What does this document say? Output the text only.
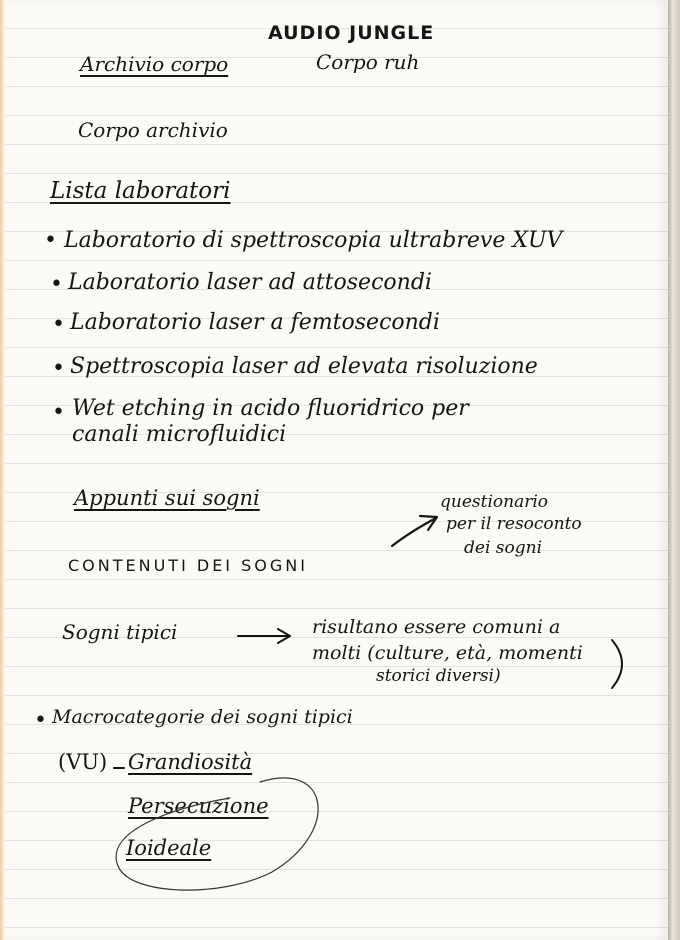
AUDIO JUNGLE

Archivio corpo	Corpo ruh

Corpo archivio

Lista laboratori

• Laboratorio di spettroscopia ultrabreve XUV

• Laboratorio laser ad attosecondi

• Laboratorio laser a femtosecondi

• Spettroscopia laser ad elevata risoluzione

• Wet etching in acido fluoridrico per

canali microfluidici

Appunti sui sogni	questionario

per il resoconto

dei sogni

CONTENUTI DEI SOGNI

Sogni tipici	risultano essere comuni a

molti (culture, età, momenti

storici diversi)

• Macrocategorie dei sogni tipici

(VU) Grandiosità

Persecuzione

Ioideale
